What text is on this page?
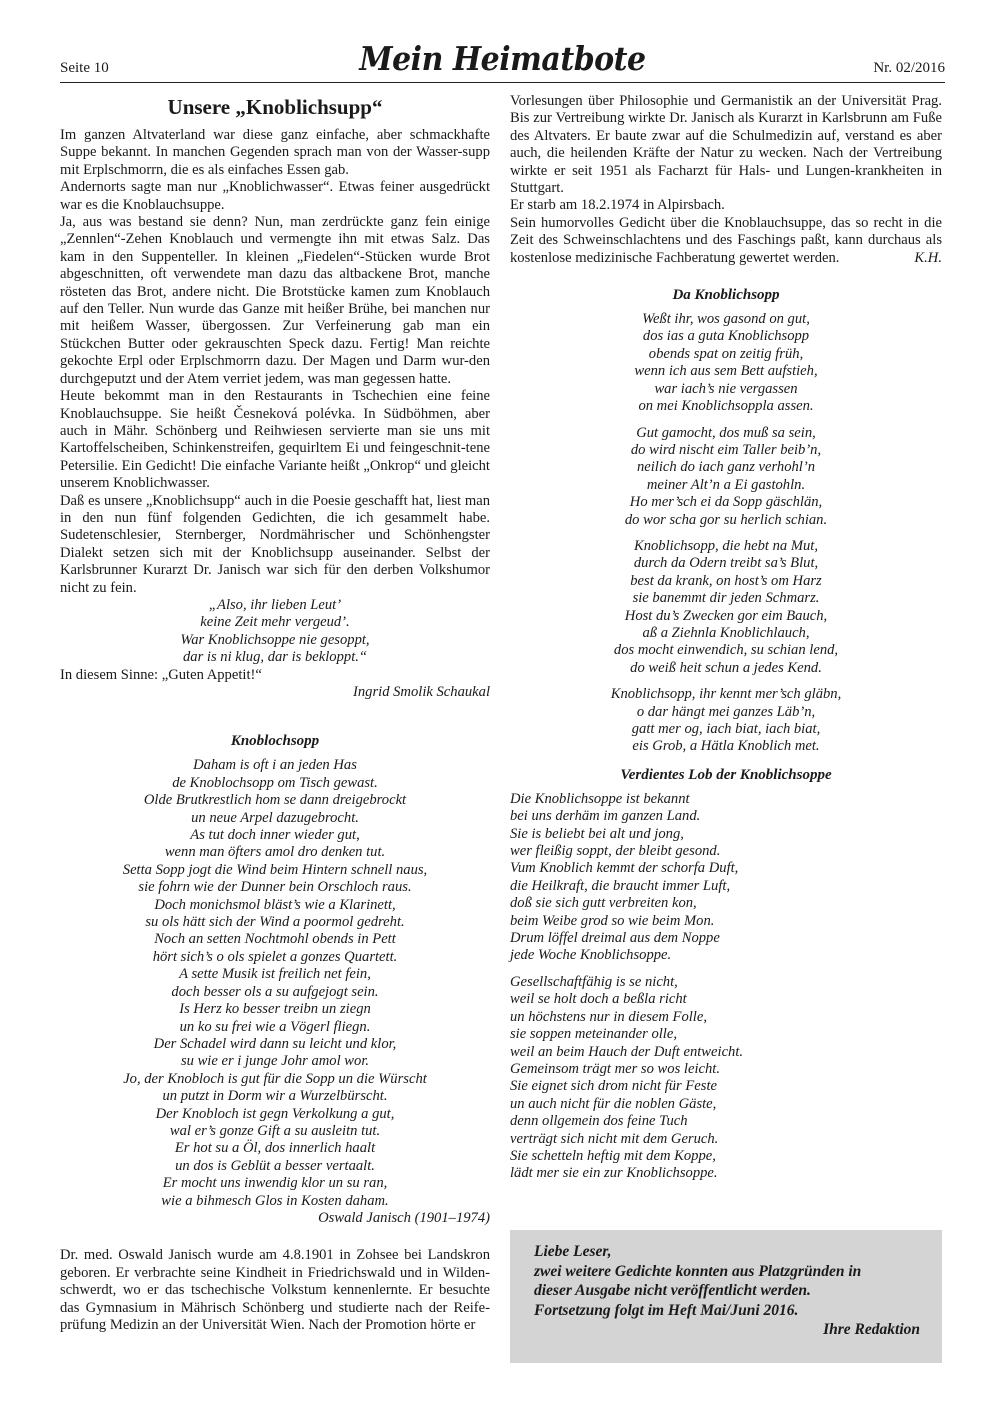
Seite 10	Mein Heimatbote	Nr. 02/2016
Unsere „Knoblichsupp“

Im ganzen Altvaterland war diese ganz einfache, aber schmackhafte Suppe bekannt. In manchen Gegenden sprach man von der Wasser-supp mit Erplschmorrn, die es als einfaches Essen gab.

Andernorts sagte man nur „Knoblichwasser“. Etwas feiner ausgedrückt war es die Knoblauchsuppe.

Ja, aus was bestand sie denn? Nun, man zerdrückte ganz fein einige „Zennlen“-Zehen Knoblauch und vermengte ihn mit etwas Salz. Das kam in den Suppenteller. In kleinen „Fiedelen“-Stücken wurde Brot abgeschnitten, oft verwendete man dazu das altbackene Brot, manche rösteten das Brot, andere nicht. Die Brotstücke kamen zum Knoblauch auf den Teller. Nun wurde das Ganze mit heißer Brühe, bei manchen nur mit heißem Wasser, übergossen. Zur Verfeinerung gab man ein Stückchen Butter oder gekrauschten Speck dazu. Fertig! Man reichte gekochte Erpl oder Erplschmorrn dazu. Der Magen und Darm wur-den durchgeputzt und der Atem verriet jedem, was man gegessen hatte.

Heute bekommt man in den Restaurants in Tschechien eine feine Knoblauchsuppe. Sie heißt Česneková polévka. In Südböhmen, aber auch in Mähr. Schönberg und Reihwiesen servierte man sie uns mit Kartoffelscheiben, Schinkenstreifen, gequirltem Ei und feingeschnit-tene Petersilie. Ein Gedicht! Die einfache Variante heißt „Onkrop“ und gleicht unserem Knoblichwasser.

Daß es unsere „Knoblichsupp“ auch in die Poesie geschafft hat, liest man in den nun fünf folgenden Gedichten, die ich gesammelt habe. Sudetenschlesier, Sternberger, Nordmährischer und Schönhengster Dialekt setzen sich mit der Knoblichsupp auseinander. Selbst der Karlsbrunner Kurarzt Dr. Janisch war sich für den derben Volkshumor nicht zu fein.

„Also, ihr lieben Leut’
keine Zeit mehr vergeud’.
War Knoblichsoppe nie gesoppt,
dar is ni klug, dar is bekloppt.“

In diesem Sinne: „Guten Appetit!“

Ingrid Smolik Schaukal

Knoblochsopp
Daham is oft i an jeden Has
de Knoblochsopp om Tisch gewast.
Olde Brutkrestlich hom se dann dreigebrockt
un neue Arpel dazugebrocht.
As tut doch inner wieder gut,
wenn man öfters amol dro denken tut.
Setta Sopp jogt die Wind beim Hintern schnell naus,
sie fohrn wie der Dunner bein Orschloch raus.
Doch monichsmol bläst’s wie a Klarinett,
su ols hätt sich der Wind a poormol gedreht.
Noch an setten Nochtmohl obends in Pett
hört sich’s o ols spielet a gonzes Quartett.
A sette Musik ist freilich net fein,
doch besser ols a su aufgejogt sein.
Is Herz ko besser treibn un ziegn
un ko su frei wie a Vögerl fliegn.
Der Schadel wird dann su leicht und klor,
su wie er i junge Johr amol wor.
Jo, der Knobloch is gut für die Sopp un die Würscht
un putzt in Dorm wir a Wurzelbürscht.
Der Knobloch ist gegn Verkolkung a gut,
wal er’s gonze Gift a su ausleitn tut.
Er hot su a Öl, dos innerlich haalt
un dos is Geblüt a besser vertaalt.
Er mocht uns inwendig klor un su ran,
wie a bihmesch Glos in Kosten daham.

Oswald Janisch (1901–1974)

Dr. med. Oswald Janisch wurde am 4.8.1901 in Zohsee bei Landskron geboren. Er verbrachte seine Kindheit in Friedrichswald und in Wilden-schwerdt, wo er das tschechische Volkstum kennenlernte. Er besuchte das Gymnasium in Mährisch Schönberg und studierte nach der Reife-prüfung Medizin an der Universität Wien. Nach der Promotion hörte er

Vorlesungen über Philosophie und Germanistik an der Universität Prag. Bis zur Vertreibung wirkte Dr. Janisch als Kurarzt in Karlsbrunn am Fuße des Altvaters. Er baute zwar auf die Schulmedizin auf, verstand es aber auch, die heilenden Kräfte der Natur zu wecken. Nach der Vertreibung wirkte er seit 1951 als Facharzt für Hals- und Lungen-krankheiten in Stuttgart.

Er starb am 18.2.1974 in Alpirsbach.

Sein humorvolles Gedicht über die Knoblauchsuppe, das so recht in die Zeit des Schweinschlachtens und des Faschings paßt, kann durchaus als kostenlose medizinische Fachberatung gewertet werden.	K.H.

Da Knoblichsopp
Weßt ihr, wos gasond on gut,
dos ias a guta Knoblichsopp
obends spat on zeitig früh,
wenn ich aus sem Bett aufstieh,
war iach’s nie vergassen
on mei Knoblichsoppla assen.
Gut gamocht, dos muß sa sein,
do wird nischt eim Taller beib’n,
neilich do iach ganz verhohl’n
meiner Alt’n a Ei gastohln.
Ho mer’sch ei da Sopp gäschlän,
do wor scha gor su herlich schian.
Knoblichsopp, die hebt na Mut,
durch da Odern treibt sa’s Blut,
best da krank, on host’s om Harz
sie banemmt dir jeden Schmarz.
Host du’s Zwecken gor eim Bauch,
aß a Ziehnla Knoblichlauch,
dos mocht einwendich, su schian lend,
do weiß heit schun a jedes Kend.
Knoblichsopp, ihr kennt mer’sch gläbn,
o dar hängt mei ganzes Läb’n,
gatt mer og, iach biat, iach biat,
eis Grob, a Hätla Knoblich met.
Verdientes Lob der Knoblichsoppe
Die Knoblichsoppe ist bekannt
bei uns derhäm im ganzen Land.
Sie is beliebt bei alt und jong,
wer fleißig soppt, der bleibt gesond.
Vum Knoblich kemmt der schorfa Duft,
die Heilkraft, die braucht immer Luft,
doß sie sich gutt verbreiten kon,
beim Weibe grod so wie beim Mon.
Drum löffel dreimal aus dem Noppe
jede Woche Knoblichsoppe.
Gesellschaftfähig is se nicht,
weil se holt doch a beßla richt
un höchstens nur in diesem Folle,
sie soppen meteinander olle,
weil an beim Hauch der Duft entweicht.
Gemeinsom trägt mer so wos leicht.
Sie eignet sich drom nicht für Feste
un auch nicht für die noblen Gäste,
denn ollgemein dos feine Tuch
verträgt sich nicht mit dem Geruch.
Sie schetteln heftig mit dem Koppe,
lädt mer sie ein zur Knoblichsoppe.
Liebe Leser,
zwei weitere Gedichte konnten aus Platzgründen in
dieser Ausgabe nicht veröffentlicht werden.
Fortsetzung folgt im Heft Mai/Juni 2016.
Ihre Redaktion
